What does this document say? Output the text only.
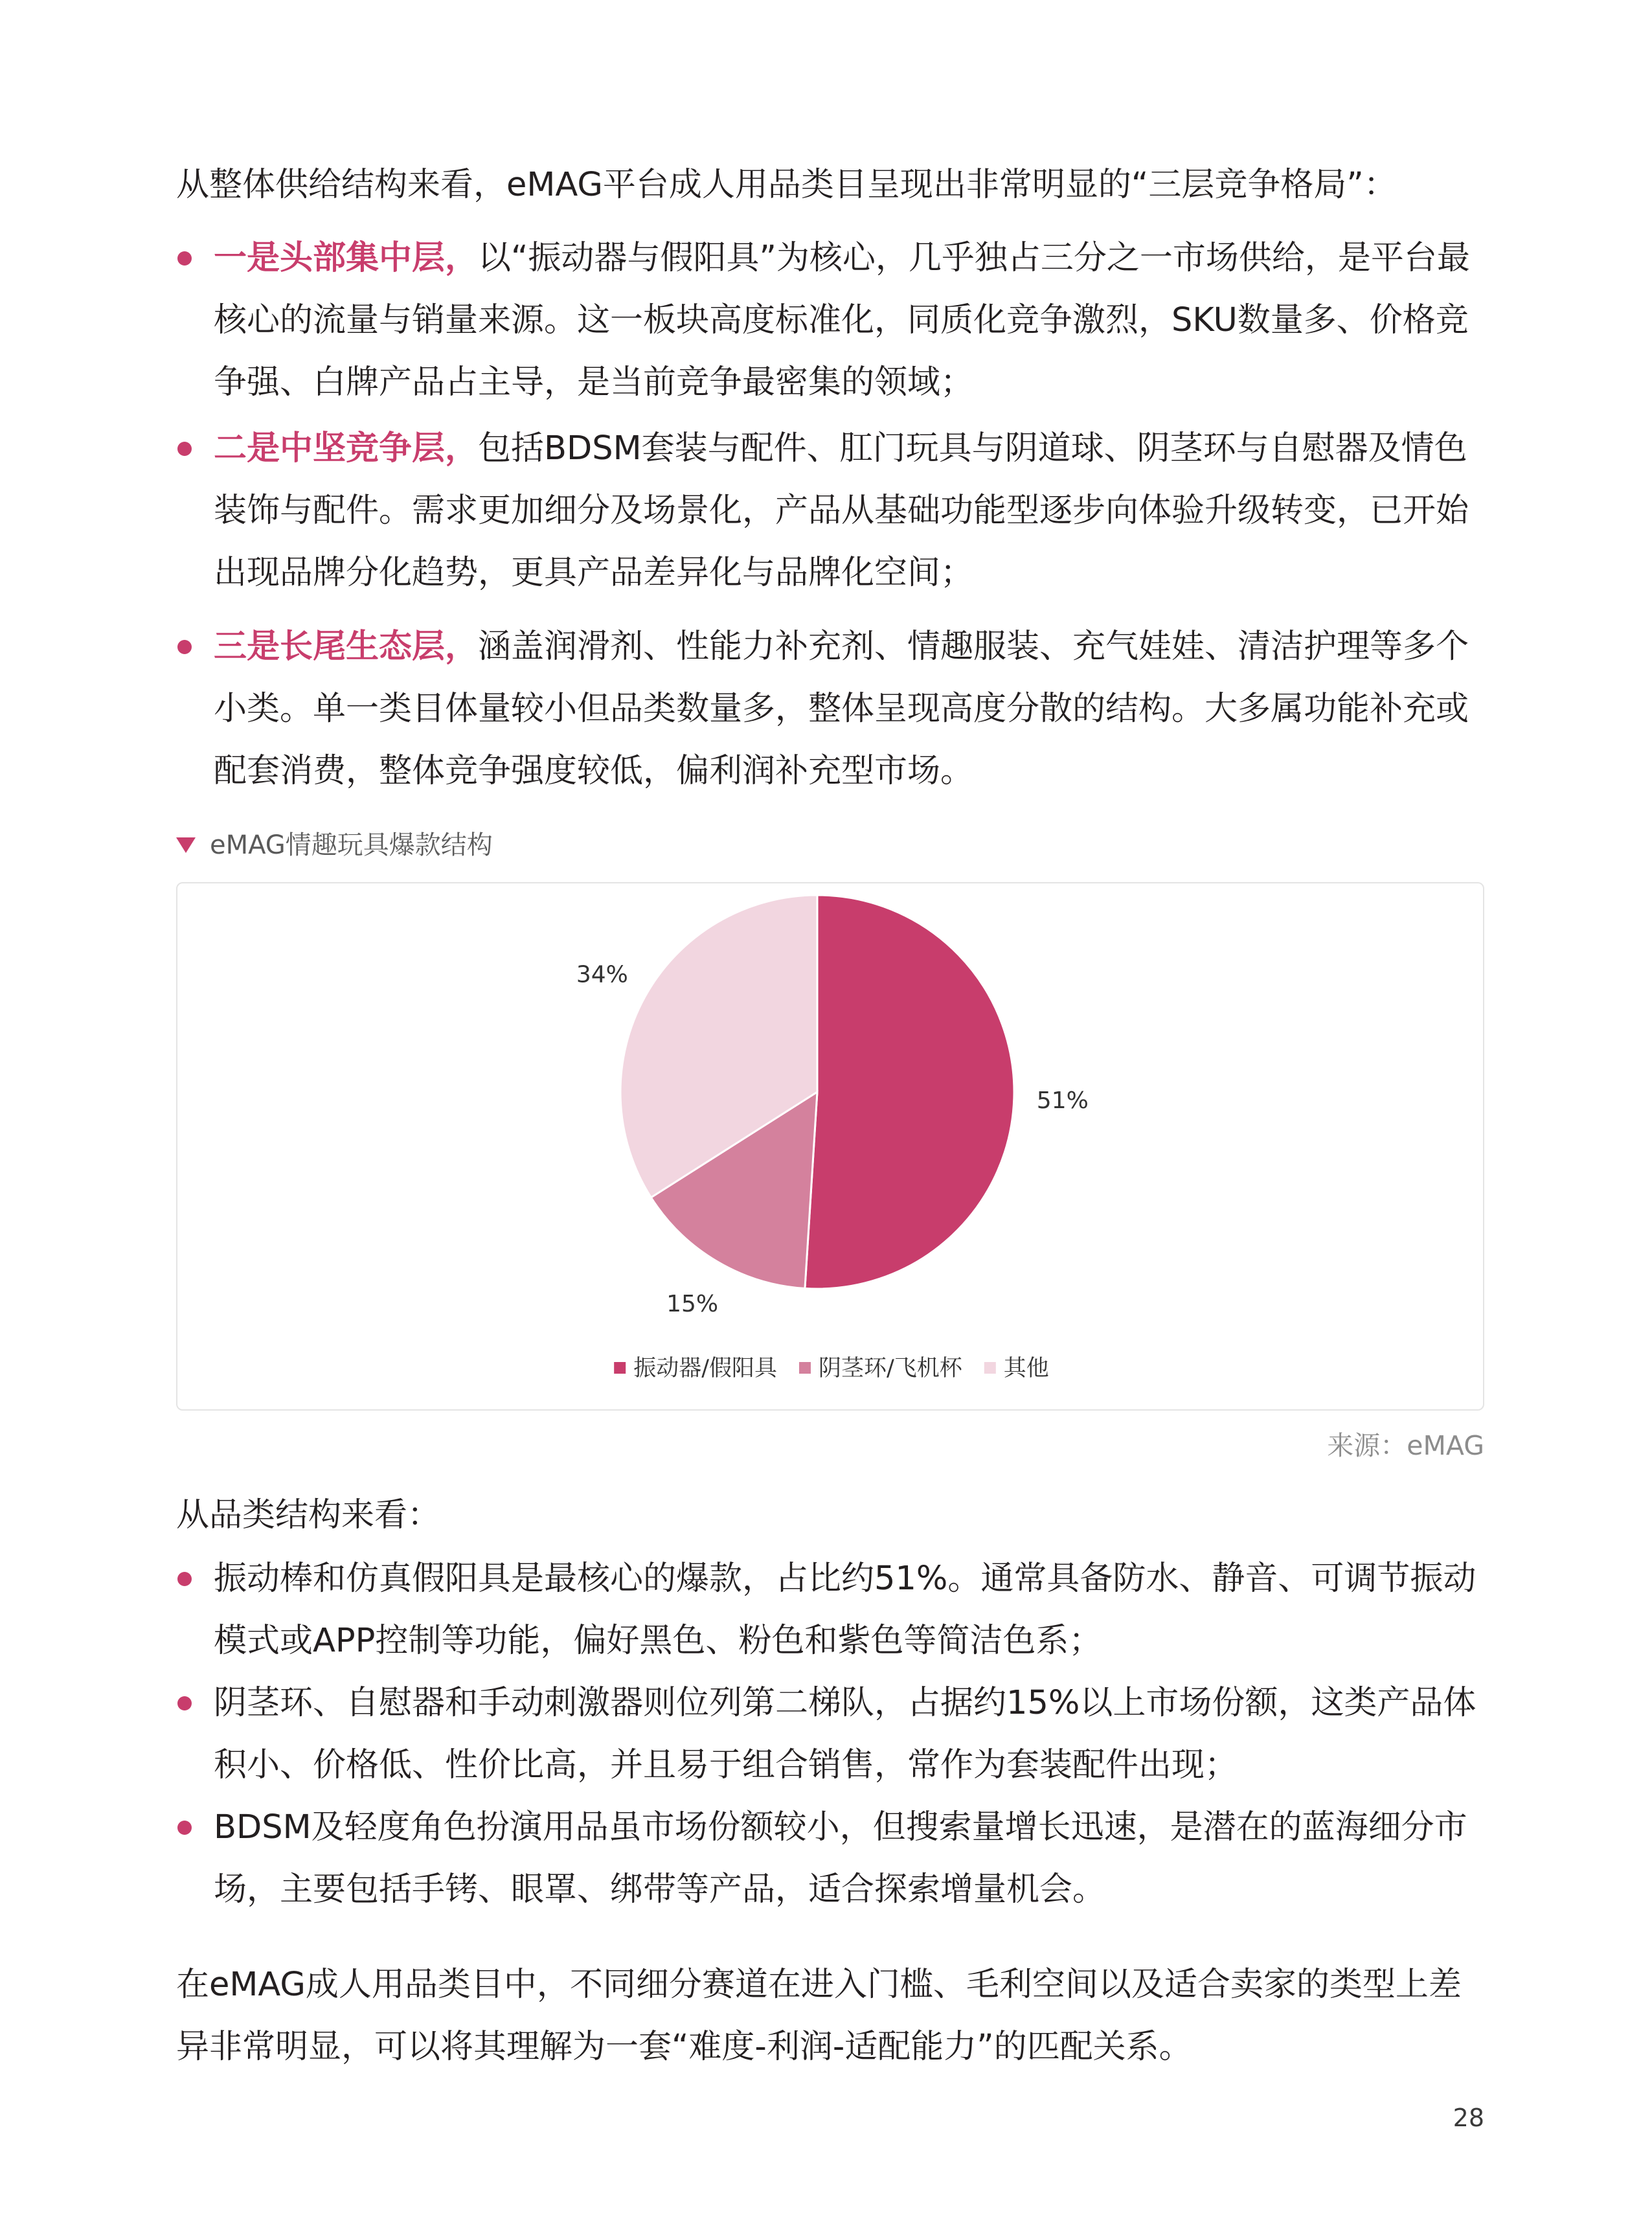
从整体供给结构来看，eMAG平台成人用品类目呈现出非常明显的“三层竞争格局”：

一是头部集中层，以“振动器与假阳具”为核心，几乎独占三分之一市场供给，是平台最核心的流量与销量来源。这一板块高度标准化，同质化竞争激烈，SKU数量多、价格竞争强、白牌产品占主导，是当前竞争最密集的领域；
二是中坚竞争层，包括BDSM套装与配件、肛门玩具与阴道球、阴茎环与自慰器及情色装饰与配件。需求更加细分及场景化，产品从基础功能型逐步向体验升级转变，已开始出现品牌分化趋势，更具产品差异化与品牌化空间；
三是长尾生态层，涵盖润滑剂、性能力补充剂、情趣服装、充气娃娃、清洁护理等多个小类。单一类目体量较小但品类数量多，整体呈现高度分散的结构。大多属功能补充或配套消费，整体竞争强度较低，偏利润补充型市场。
eMAG情趣玩具爆款结构
51%
15%
34%
振动器/假阳具 阴茎环/飞机杯 其他
来源：eMAG

从品类结构来看：

振动棒和仿真假阳具是最核心的爆款，占比约51%。通常具备防水、静音、可调节振动模式或APP控制等功能，偏好黑色、粉色和紫色等简洁色系；
阴茎环、自慰器和手动刺激器则位列第二梯队，占据约15%以上市场份额，这类产品体积小、价格低、性价比高，并且易于组合销售，常作为套装配件出现；
BDSM及轻度角色扮演用品虽市场份额较小，但搜索量增长迅速，是潜在的蓝海细分市场，主要包括手铐、眼罩、绑带等产品，适合探索增量机会。

在eMAG成人用品类目中，不同细分赛道在进入门槛、毛利空间以及适合卖家的类型上差异非常明显，可以将其理解为一套“难度-利润-适配能力”的匹配关系。

28
